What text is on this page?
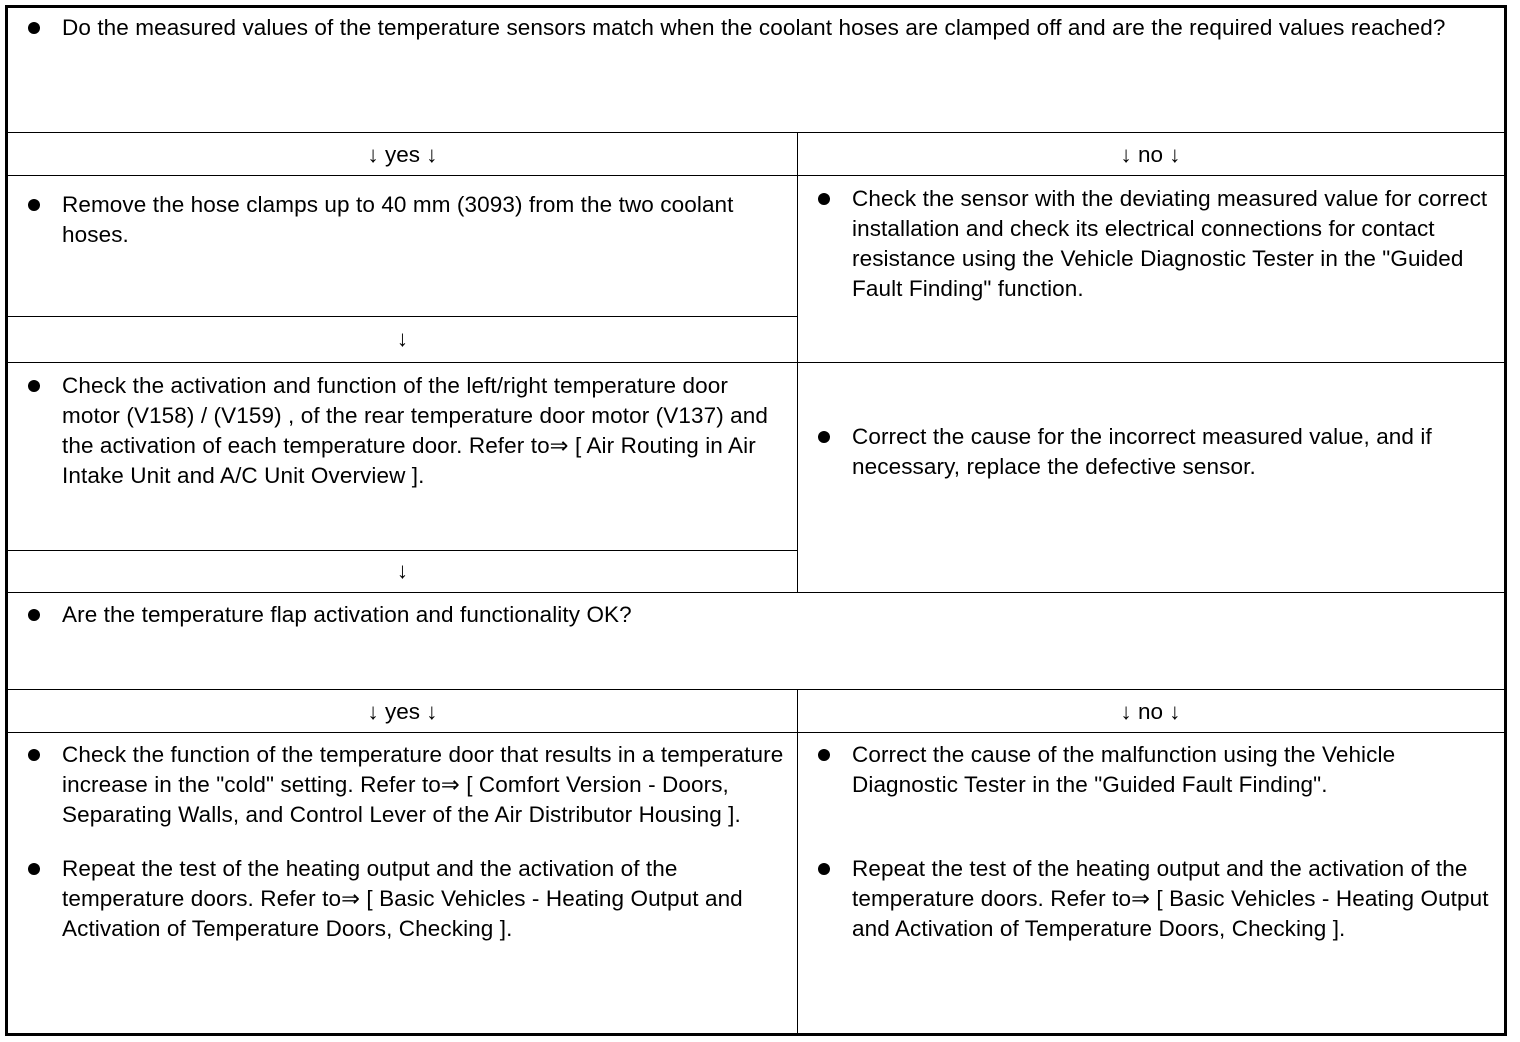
Do the measured values of the temperature sensors match when the coolant hoses are clamped off and are the required values reached?
↓ yes ↓	↓ no ↓
Remove the hose clamps up to 40 mm (3093) from the two coolant hoses.
↓
Check the activation and function of the left/right temperature door motor (V158) / (V159) , of the rear temperature door motor (V137) and the activation of each temperature door. Refer to⇒ [ Air Routing in Air Intake Unit and A/C Unit Overview ].
↓
Check the sensor with the deviating measured value for correct installation and check its electrical connections for contact resistance using the Vehicle Diagnostic Tester in the "Guided Fault Finding" function.
Correct the cause for the incorrect measured value, and if necessary, replace the defective sensor.
Are the temperature flap activation and functionality OK?
↓ yes ↓	↓ no ↓
Check the function of the temperature door that results in a temperature increase in the "cold" setting. Refer to⇒ [ Comfort Version - Doors, Separating Walls, and Control Lever of the Air Distributor Housing ].
Repeat the test of the heating output and the activation of the temperature doors. Refer to⇒ [ Basic Vehicles - Heating Output and Activation of Temperature Doors, Checking ].
Correct the cause of the malfunction using the Vehicle Diagnostic Tester in the "Guided Fault Finding".
Repeat the test of the heating output and the activation of the temperature doors. Refer to⇒ [ Basic Vehicles - Heating Output and Activation of Temperature Doors, Checking ].
